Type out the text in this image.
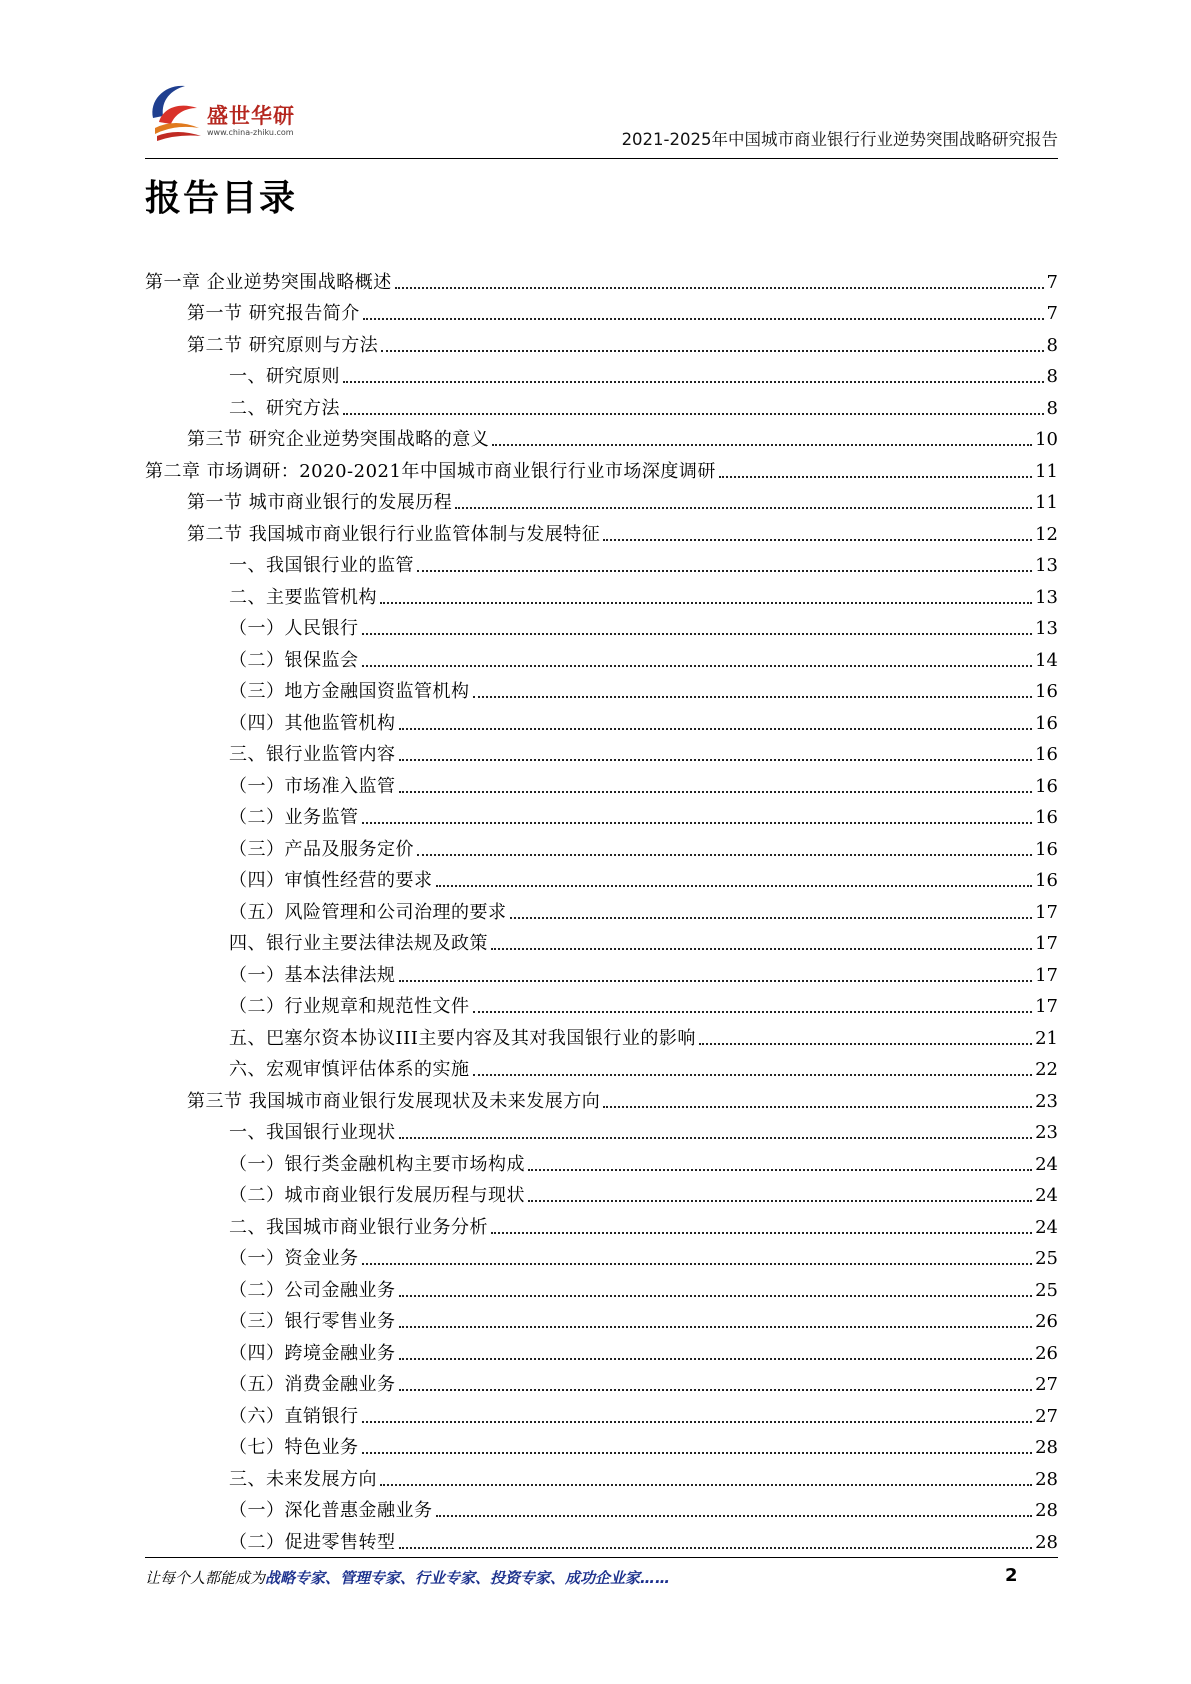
盛世华研
www.china-zhiku.com	2021-2025年中国城市商业银行行业逆势突围战略研究报告
报告目录
第一章 企业逆势突围战略概述	7
第一节 研究报告简介	7
第二节 研究原则与方法	8
一、研究原则	8
二、研究方法	8
第三节 研究企业逆势突围战略的意义	10
第二章 市场调研：2020-2021年中国城市商业银行行业市场深度调研	11
第一节 城市商业银行的发展历程	11
第二节 我国城市商业银行行业监管体制与发展特征	12
一、我国银行业的监管	13
二、主要监管机构	13
（一）人民银行	13
（二）银保监会	14
（三）地方金融国资监管机构	16
（四）其他监管机构	16
三、银行业监管内容	16
（一）市场准入监管	16
（二）业务监管	16
（三）产品及服务定价	16
（四）审慎性经营的要求	16
（五）风险管理和公司治理的要求	17
四、银行业主要法律法规及政策	17
（一）基本法律法规	17
（二）行业规章和规范性文件	17
五、巴塞尔资本协议III主要内容及其对我国银行业的影响	21
六、宏观审慎评估体系的实施	22
第三节 我国城市商业银行发展现状及未来发展方向	23
一、我国银行业现状	23
（一）银行类金融机构主要市场构成	24
（二）城市商业银行发展历程与现状	24
二、我国城市商业银行业务分析	24
（一）资金业务	25
（二）公司金融业务	25
（三）银行零售业务	26
（四）跨境金融业务	26
（五）消费金融业务	27
（六）直销银行	27
（七）特色业务	28
三、未来发展方向	28
（一）深化普惠金融业务	28
（二）促进零售转型	28
让每个人都能成为战略专家、管理专家、行业专家、投资专家、成功企业家……	2
